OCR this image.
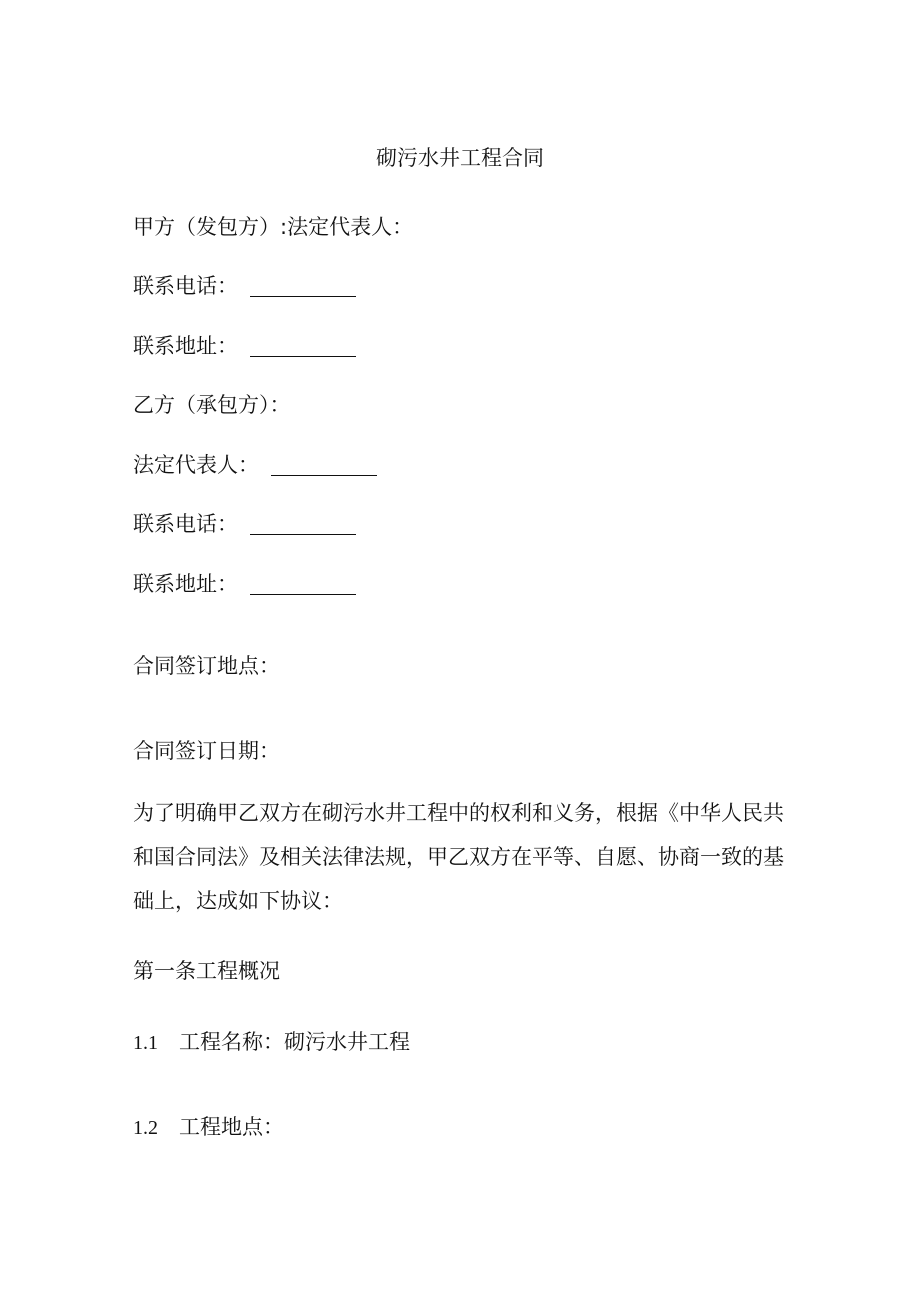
砌污水井工程合同
甲方（发包方）:法定代表人：
联系电话：
联系地址：
乙方（承包方）：
法定代表人：
联系电话：
联系地址：
合同签订地点：
合同签订日期：
为了明确甲乙双方在砌污水井工程中的权利和义务，根据《中华人民共和国合同法》及相关法律法规，甲乙双方在平等、自愿、协商一致的基础上，达成如下协议：
第一条工程概况
1.1 工程名称：砌污水井工程
1.2 工程地点：
